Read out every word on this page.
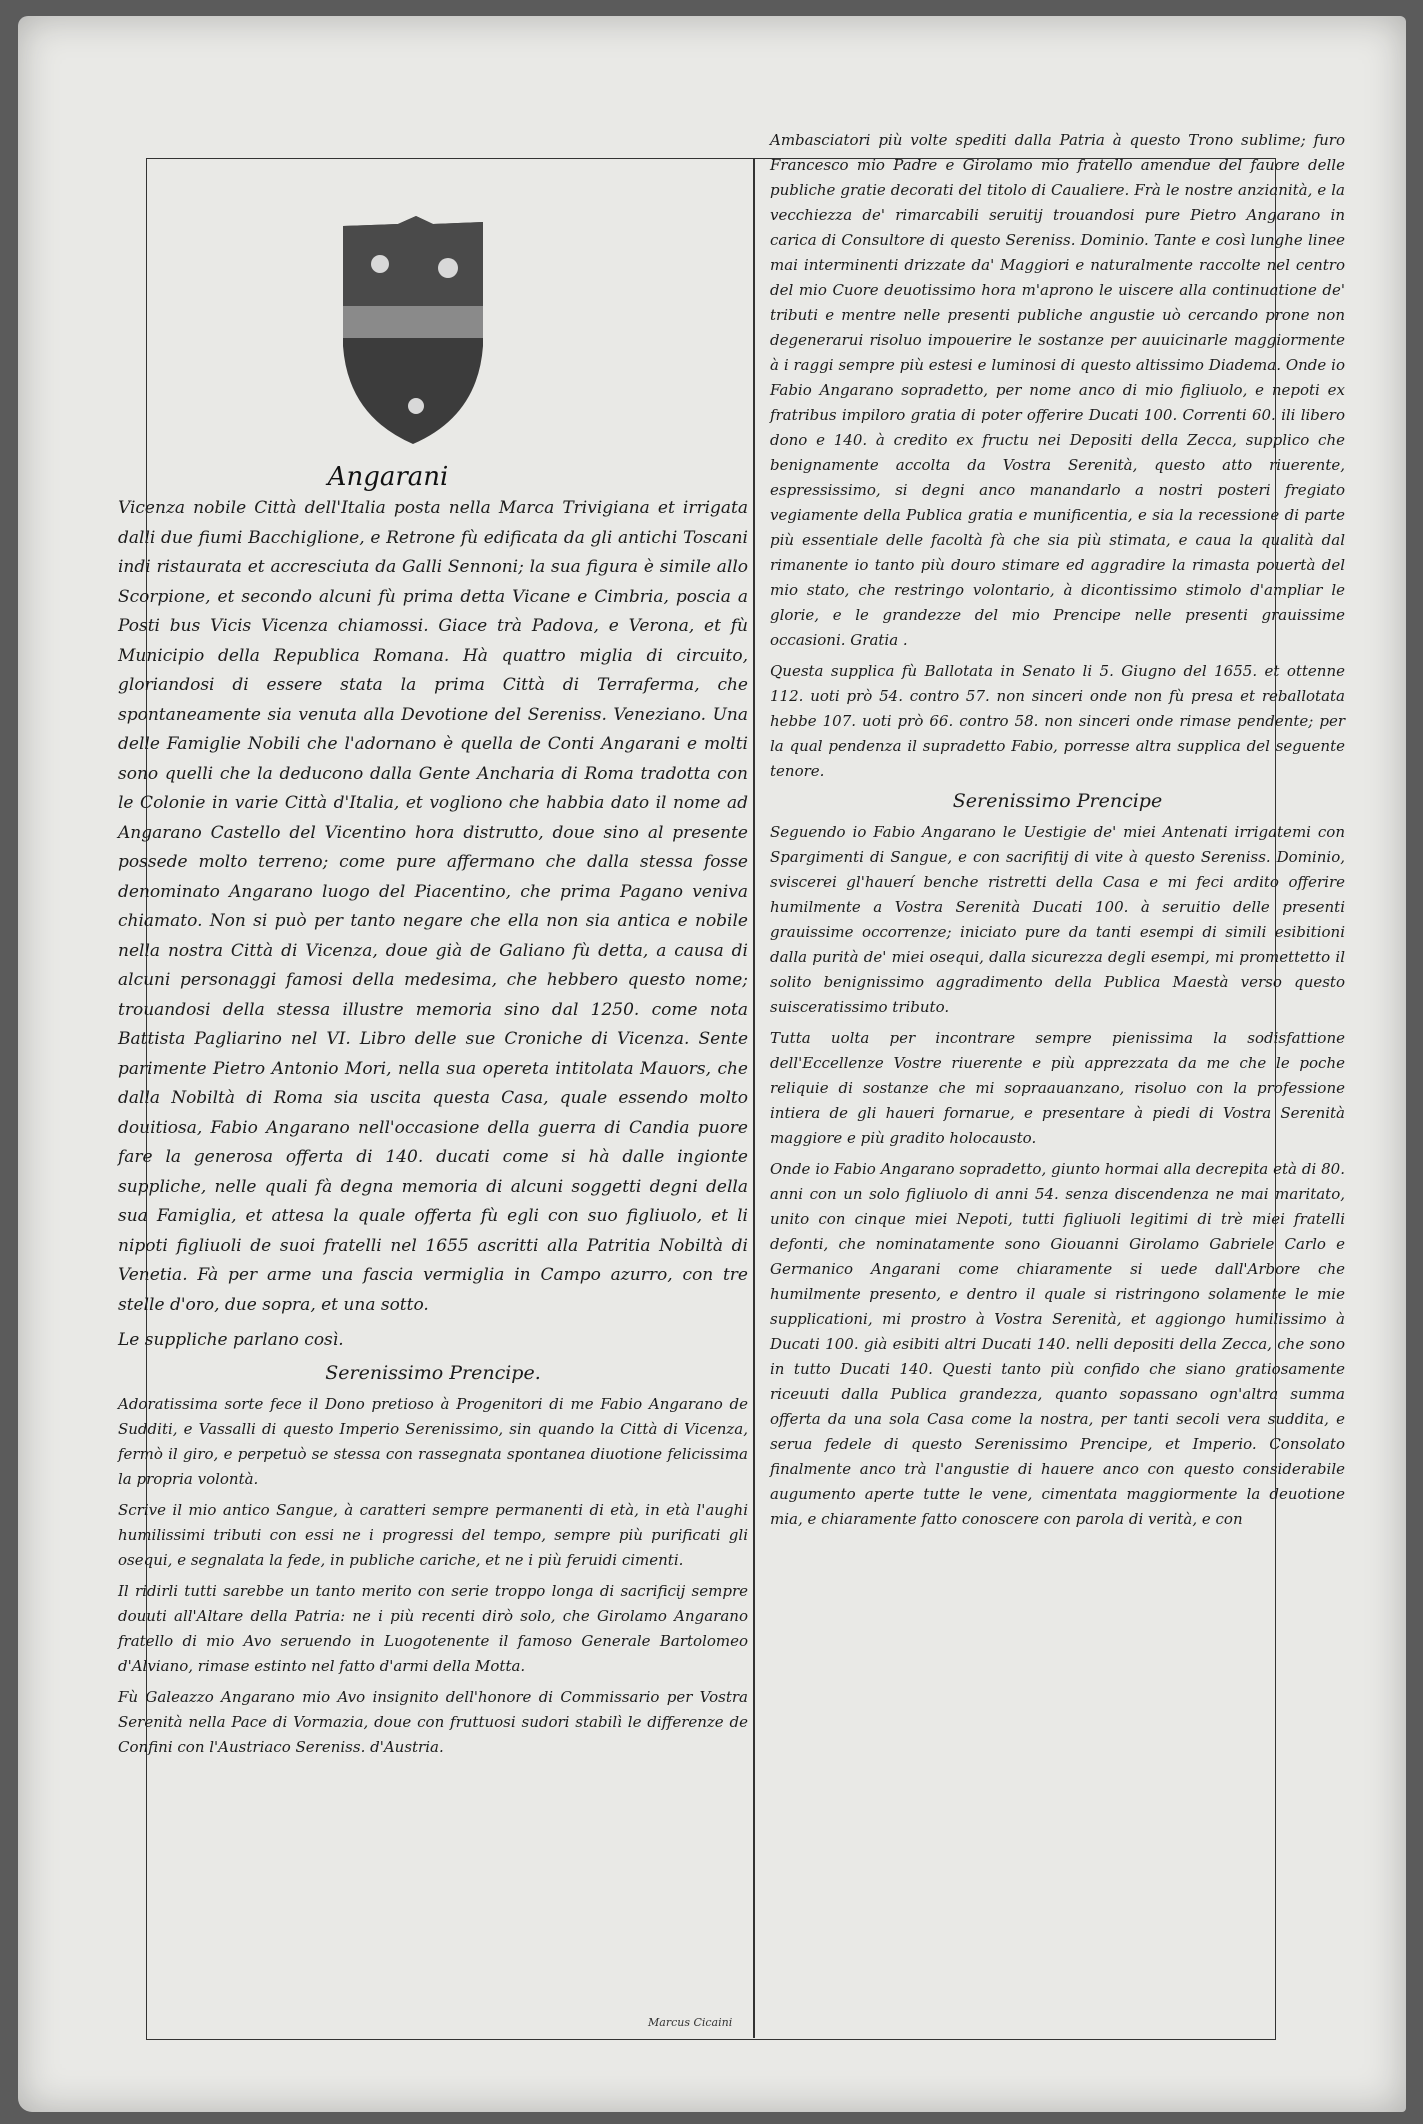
Angarani

Vicenza nobile Città dell'Italia posta nella Marca Trivigiana et irrigata dalli due fiumi Bacchiglione, e Retrone fù edificata da gli antichi Toscani indi ristaurata et accresciuta da Galli Sennoni; la sua figura è simile allo Scorpione, et secondo alcuni fù prima detta Vicane e Cimbria, poscia a Posti bus Vicis Vicenza chiamossi. Giace trà Padova, e Verona, et fù Municipio della Republica Romana. Hà quattro miglia di circuito, gloriandosi di essere stata la prima Città di Terraferma, che spontaneamente sia venuta alla Devotione del Sereniss. Veneziano. Una delle Famiglie Nobili che l'adornano è quella de Conti Angarani e molti sono quelli che la deducono dalla Gente Ancharia di Roma tradotta con le Colonie in varie Città d'Italia, et vogliono che habbia dato il nome ad Angarano Castello del Vicentino hora distrutto, doue sino al presente possede molto terreno; come pure affermano che dalla stessa fosse denominato Angarano luogo del Piacentino, che prima Pagano veniva chiamato. Non si può per tanto negare che ella non sia antica e nobile nella nostra Città di Vicenza, doue già de Galiano fù detta, a causa di alcuni personaggi famosi della medesima, che hebbero questo nome; trouandosi della stessa illustre memoria sino dal 1250. come nota Battista Pagliarino nel VI. Libro delle sue Croniche di Vicenza. Sente parimente Pietro Antonio Mori, nella sua opereta intitolata Mauors, che dalla Nobiltà di Roma sia uscita questa Casa, quale essendo molto douitiosa, Fabio Angarano nell'occasione della guerra di Candia puore fare la generosa offerta di 140. ducati come si hà dalle ingionte suppliche, nelle quali fà degna memoria di alcuni soggetti degni della sua Famiglia, et attesa la quale offerta fù egli con suo figliuolo, et li nipoti figliuoli de suoi fratelli nel 1655 ascritti alla Patritia Nobiltà di Venetia. Fà per arme una fascia vermiglia in Campo azurro, con tre stelle d'oro, due sopra, et una sotto.

Le suppliche parlano così.

Serenissimo Prencipe.

Adoratissima sorte fece il Dono pretioso à Progenitori di me Fabio Angarano de Sudditi, e Vassalli di questo Imperio Serenissimo, sin quando la Città di Vicenza, fermò il giro, e perpetuò se stessa con rassegnata spontanea diuotione felicissima la propria volontà.

Scrive il mio antico Sangue, à caratteri sempre permanenti di età, in età l'aughi humilissimi tributi con essi ne i progressi del tempo, sempre più purificati gli osequi, e segnalata la fede, in publiche cariche, et ne i più feruidi cimenti.

Il ridirli tutti sarebbe un tanto merito con serie troppo longa di sacrificij sempre douuti all'Altare della Patria: ne i più recenti dirò solo, che Girolamo Angarano fratello di mio Avo seruendo in Luogotenente il famoso Generale Bartolomeo d'Alviano, rimase estinto nel fatto d'armi della Motta.

Fù Galeazzo Angarano mio Avo insignito dell'honore di Commissario per Vostra Serenità nella Pace di Vormazia, doue con fruttuosi sudori stabilì le differenze de Confini con l'Austriaco Sereniss. d'Austria.

Ambasciatori più volte spediti dalla Patria à questo Trono sublime; furo Francesco mio Padre e Girolamo mio fratello amendue del fauore delle publiche gratie decorati del titolo di Caualiere. Frà le nostre anzianità, e la vecchiezza de' rimarcabili seruitij trouandosi pure Pietro Angarano in carica di Consultore di questo Sereniss. Dominio. Tante e così lunghe linee mai interminenti drizzate da' Maggiori e naturalmente raccolte nel centro del mio Cuore deuotissimo hora m'aprono le uiscere alla continuatione de' tributi e mentre nelle presenti publiche angustie uò cercando prone non degenerarui risoluo impouerire le sostanze per auuicinarle maggiormente à i raggi sempre più estesi e luminosi di questo altissimo Diadema. Onde io Fabio Angarano sopradetto, per nome anco di mio figliuolo, e nepoti ex fratribus impiloro gratia di poter offerire Ducati 100. Correnti 60. ili libero dono e 140. à credito ex fructu nei Depositi della Zecca, supplico che benignamente accolta da Vostra Serenità, questo atto riuerente, espressissimo, si degni anco manandarlo a nostri posteri fregiato vegiamente della Publica gratia e munificentia, e sia la recessione di parte più essentiale delle facoltà fà che sia più stimata, e caua la qualità dal rimanente io tanto più douro stimare ed aggradire la rimasta pouertà del mio stato, che restringo volontario, à dicontissimo stimolo d'ampliar le glorie, e le grandezze del mio Prencipe nelle presenti grauissime occasioni. Gratia .

Questa supplica fù Ballotata in Senato li 5. Giugno del 1655. et ottenne 112. uoti prò 54. contro 57. non sinceri onde non fù presa et reballotata hebbe 107. uoti prò 66. contro 58. non sinceri onde rimase pendente; per la qual pendenza il supradetto Fabio, porresse altra supplica del seguente tenore.

Serenissimo Prencipe

Seguendo io Fabio Angarano le Uestigie de' miei Antenati irrigatemi con Spargimenti di Sangue, e con sacrifitij di vite à questo Sereniss. Dominio, sviscerei gl'hauerí benche ristretti della Casa e mi feci ardito offerire humilmente a Vostra Serenità Ducati 100. à seruitio delle presenti grauissime occorrenze; iniciato pure da tanti esempi di simili esibitioni dalla purità de' miei osequi, dalla sicurezza degli esempi, mi promettetto il solito benignissimo aggradimento della Publica Maestà verso questo suisceratissimo tributo.

Tutta uolta per incontrare sempre pienissima la sodisfattione dell'Eccellenze Vostre riuerente e più apprezzata da me che le poche reliquie di sostanze che mi sopraauanzano, risoluo con la professione intiera de gli haueri fornarue, e presentare à piedi di Vostra Serenità maggiore e più gradito holocausto.

Onde io Fabio Angarano sopradetto, giunto hormai alla decrepita età di 80. anni con un solo figliuolo di anni 54. senza discendenza ne mai maritato, unito con cinque miei Nepoti, tutti figliuoli legitimi di trè miei fratelli defonti, che nominatamente sono Giouanni Girolamo Gabriele Carlo e Germanico Angarani come chiaramente si uede dall'Arbore che humilmente presento, e dentro il quale si ristringono solamente le mie supplicationi, mi prostro à Vostra Serenità, et aggiongo humilissimo à Ducati 100. già esibiti altri Ducati 140. nelli depositi della Zecca, che sono in tutto Ducati 140. Questi tanto più confido che siano gratiosamente riceuuti dalla Publica grandezza, quanto sopassano ogn'altra summa offerta da una sola Casa come la nostra, per tanti secoli vera suddita, e serua fedele di questo Serenissimo Prencipe, et Imperio. Consolato finalmente anco trà l'angustie di hauere anco con questo considerabile augumento aperte tutte le vene, cimentata maggiormente la deuotione mia, e chiaramente fatto conoscere con parola di verità, e con

Marcus Cicaini
